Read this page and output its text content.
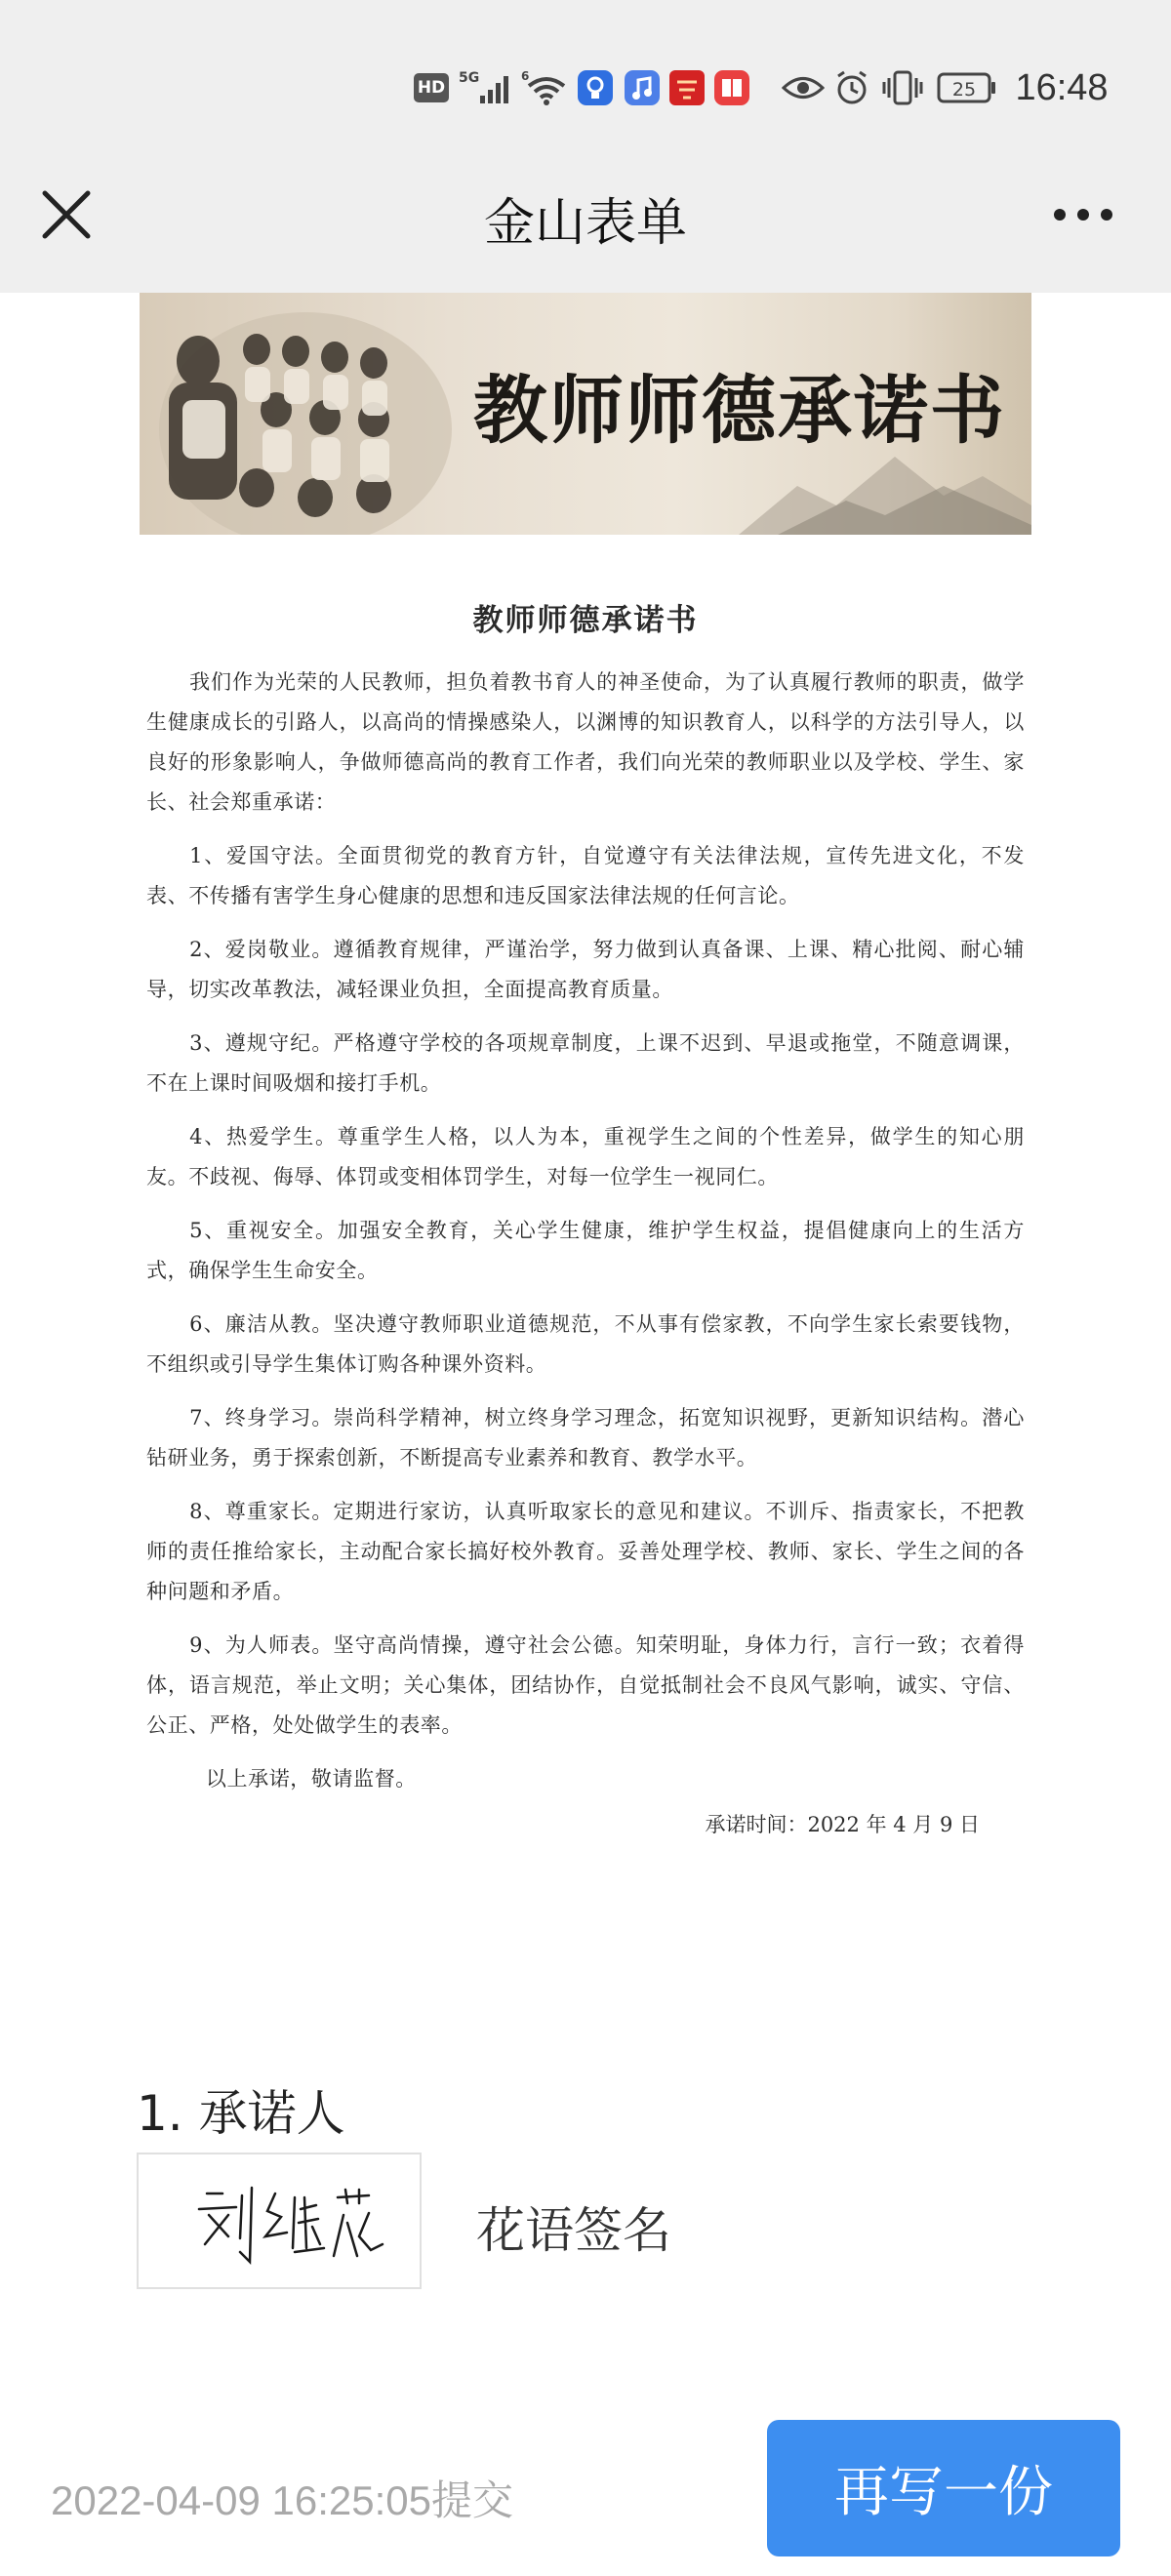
HD 5G	6
25 16:48
金山表单
教师师德承诺书
教师师德承诺书

我们作为光荣的人民教师，担负着教书育人的神圣使命，为了认真履行教师的职责，做学生健康成长的引路人，以高尚的情操感染人，以渊博的知识教育人，以科学的方法引导人，以良好的形象影响人，争做师德高尚的教育工作者，我们向光荣的教师职业以及学校、学生、家长、社会郑重承诺：

1、爱国守法。全面贯彻党的教育方针，自觉遵守有关法律法规，宣传先进文化，不发表、不传播有害学生身心健康的思想和违反国家法律法规的任何言论。

2、爱岗敬业。遵循教育规律，严谨治学，努力做到认真备课、上课、精心批阅、耐心辅导，切实改革教法，减轻课业负担，全面提高教育质量。

3、遵规守纪。严格遵守学校的各项规章制度，上课不迟到、早退或拖堂，不随意调课，不在上课时间吸烟和接打手机。

4、热爱学生。尊重学生人格，以人为本，重视学生之间的个性差异，做学生的知心朋友。不歧视、侮辱、体罚或变相体罚学生，对每一位学生一视同仁。

5、重视安全。加强安全教育，关心学生健康，维护学生权益，提倡健康向上的生活方式，确保学生生命安全。

6、廉洁从教。坚决遵守教师职业道德规范，不从事有偿家教，不向学生家长索要钱物，不组织或引导学生集体订购各种课外资料。

7、终身学习。崇尚科学精神，树立终身学习理念，拓宽知识视野，更新知识结构。潜心钻研业务，勇于探索创新，不断提高专业素养和教育、教学水平。

8、尊重家长。定期进行家访，认真听取家长的意见和建议。不训斥、指责家长，不把教师的责任推给家长，主动配合家长搞好校外教育。妥善处理学校、教师、家长、学生之间的各种问题和矛盾。

9、为人师表。坚守高尚情操，遵守社会公德。知荣明耻，身体力行，言行一致；衣着得体，语言规范，举止文明；关心集体，团结协作，自觉抵制社会不良风气影响，诚实、守信、公正、严格，处处做学生的表率。

以上承诺，敬请监督。

承诺时间：2022 年 4 月 9 日
1. 承诺人
花语签名
2022-04-09 16:25:05提交	再写一份
